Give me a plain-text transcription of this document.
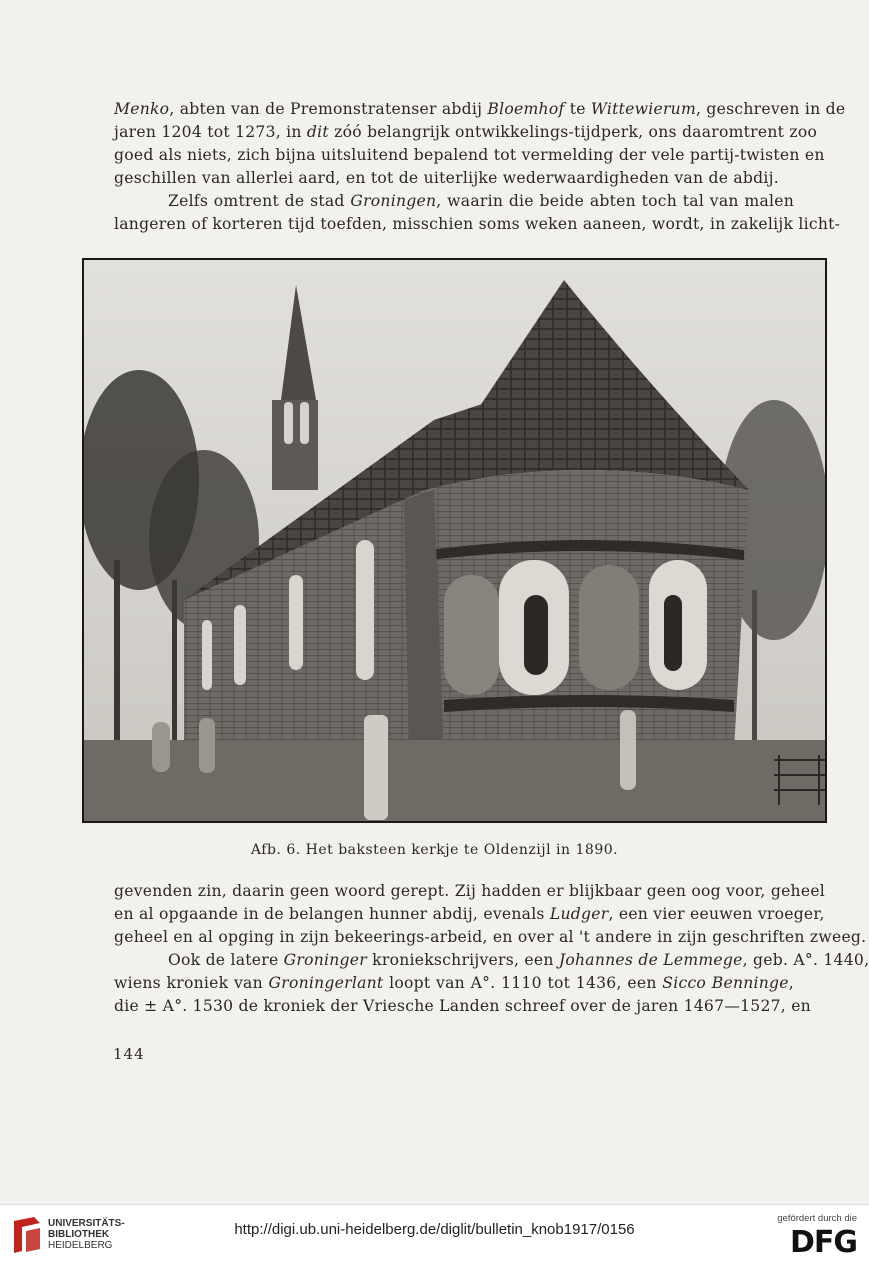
Menko, abten van de Premonstratenser abdij Bloemhof te Wittewierum, geschreven in de
jaren 1204 tot 1273, in dit zóó belangrijk ontwikkelings-tijdperk, ons daaromtrent zoo
goed als niets, zich bijna uitsluitend bepalend tot vermelding der vele partij-twisten en
geschillen van allerlei aard, en tot de uiterlijke wederwaardigheden van de abdij.
Zelfs omtrent de stad Groningen, waarin die beide abten toch tal van malen
langeren of korteren tijd toefden, misschien soms weken aaneen, wordt, in zakelijk licht-
Afb. 6. Het baksteen kerkje te Oldenzijl in 1890.
gevenden zin, daarin geen woord gerept. Zij hadden er blijkbaar geen oog voor, geheel
en al opgaande in de belangen hunner abdij, evenals Ludger, een vier eeuwen vroeger,
geheel en al opging in zijn bekeerings-arbeid, en over al 't andere in zijn geschriften zweeg.
Ook de latere Groninger kroniekschrijvers, een Johannes de Lemmege, geb. A°. 1440,
wiens kroniek van Groningerlant loopt van A°. 1110 tot 1436, een Sicco Benninge,
die ± A°. 1530 de kroniek der Vriesche Landen schreef over de jaren 1467—1527, en
144
UNIVERSITÄTS-
BIBLIOTHEK
HEIDELBERG
http://digi.ub.uni-heidelberg.de/diglit/bulletin_knob1917/0156
gefördert durch die
DFG
